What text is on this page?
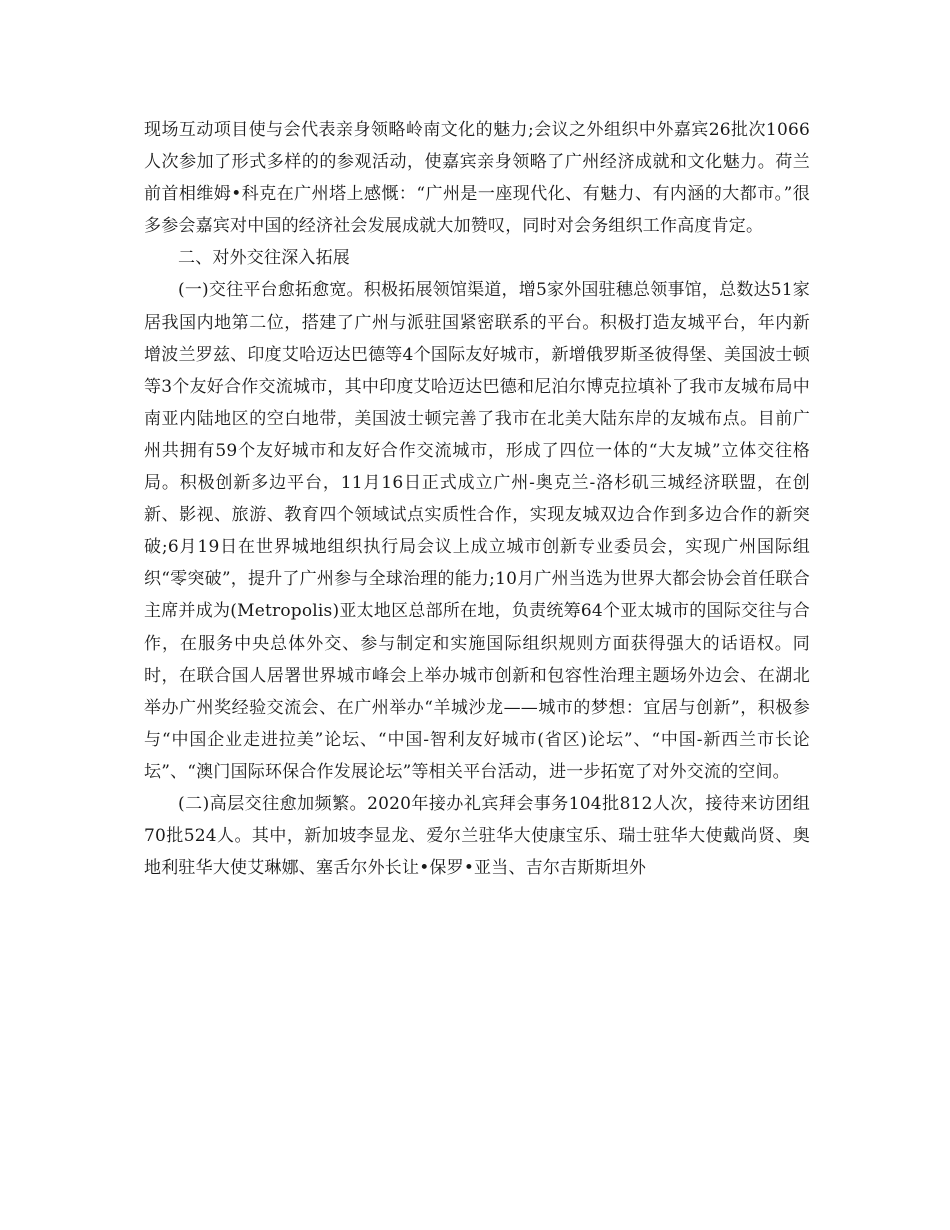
现场互动项目使与会代表亲身领略岭南文化的魅力;会议之外组织中外嘉宾26批次1066人次参加了形式多样的的参观活动，使嘉宾亲身领略了广州经济成就和文化魅力。荷兰前首相维姆•科克在广州塔上感慨：“广州是一座现代化、有魅力、有内涵的大都市。”很多参会嘉宾对中国的经济社会发展成就大加赞叹，同时对会务组织工作高度肯定。

二、对外交往深入拓展

(一)交往平台愈拓愈宽。积极拓展领馆渠道，增5家外国驻穗总领事馆，总数达51家居我国内地第二位，搭建了广州与派驻国紧密联系的平台。积极打造友城平台，年内新增波兰罗兹、印度艾哈迈达巴德等4个国际友好城市，新增俄罗斯圣彼得堡、美国波士顿等3个友好合作交流城市，其中印度艾哈迈达巴德和尼泊尔博克拉填补了我市友城布局中南亚内陆地区的空白地带，美国波士顿完善了我市在北美大陆东岸的友城布点。目前广州共拥有59个友好城市和友好合作交流城市，形成了四位一体的“大友城”立体交往格局。积极创新多边平台，11月16日正式成立广州-奥克兰-洛杉矶三城经济联盟，在创新、影视、旅游、教育四个领域试点实质性合作，实现友城双边合作到多边合作的新突破;6月19日在世界城地组织执行局会议上成立城市创新专业委员会，实现广州国际组织“零突破”，提升了广州参与全球治理的能力;10月广州当选为世界大都会协会首任联合主席并成为(Metropolis)亚太地区总部所在地，负责统筹64个亚太城市的国际交往与合作，在服务中央总体外交、参与制定和实施国际组织规则方面获得强大的话语权。同时，在联合国人居署世界城市峰会上举办城市创新和包容性治理主题场外边会、在湖北举办广州奖经验交流会、在广州举办“羊城沙龙——城市的梦想：宜居与创新”，积极参与“中国企业走进拉美”论坛、“中国-智利友好城市(省区)论坛”、“中国-新西兰市长论坛”、“澳门国际环保合作发展论坛”等相关平台活动，进一步拓宽了对外交流的空间。

(二)高层交往愈加频繁。2020年接办礼宾拜会事务104批812人次，接待来访团组70批524人。其中，新加坡李显龙、爱尔兰驻华大使康宝乐、瑞士驻华大使戴尚贤、奥地利驻华大使艾琳娜、塞舌尔外长让•保罗•亚当、吉尔吉斯斯坦外
